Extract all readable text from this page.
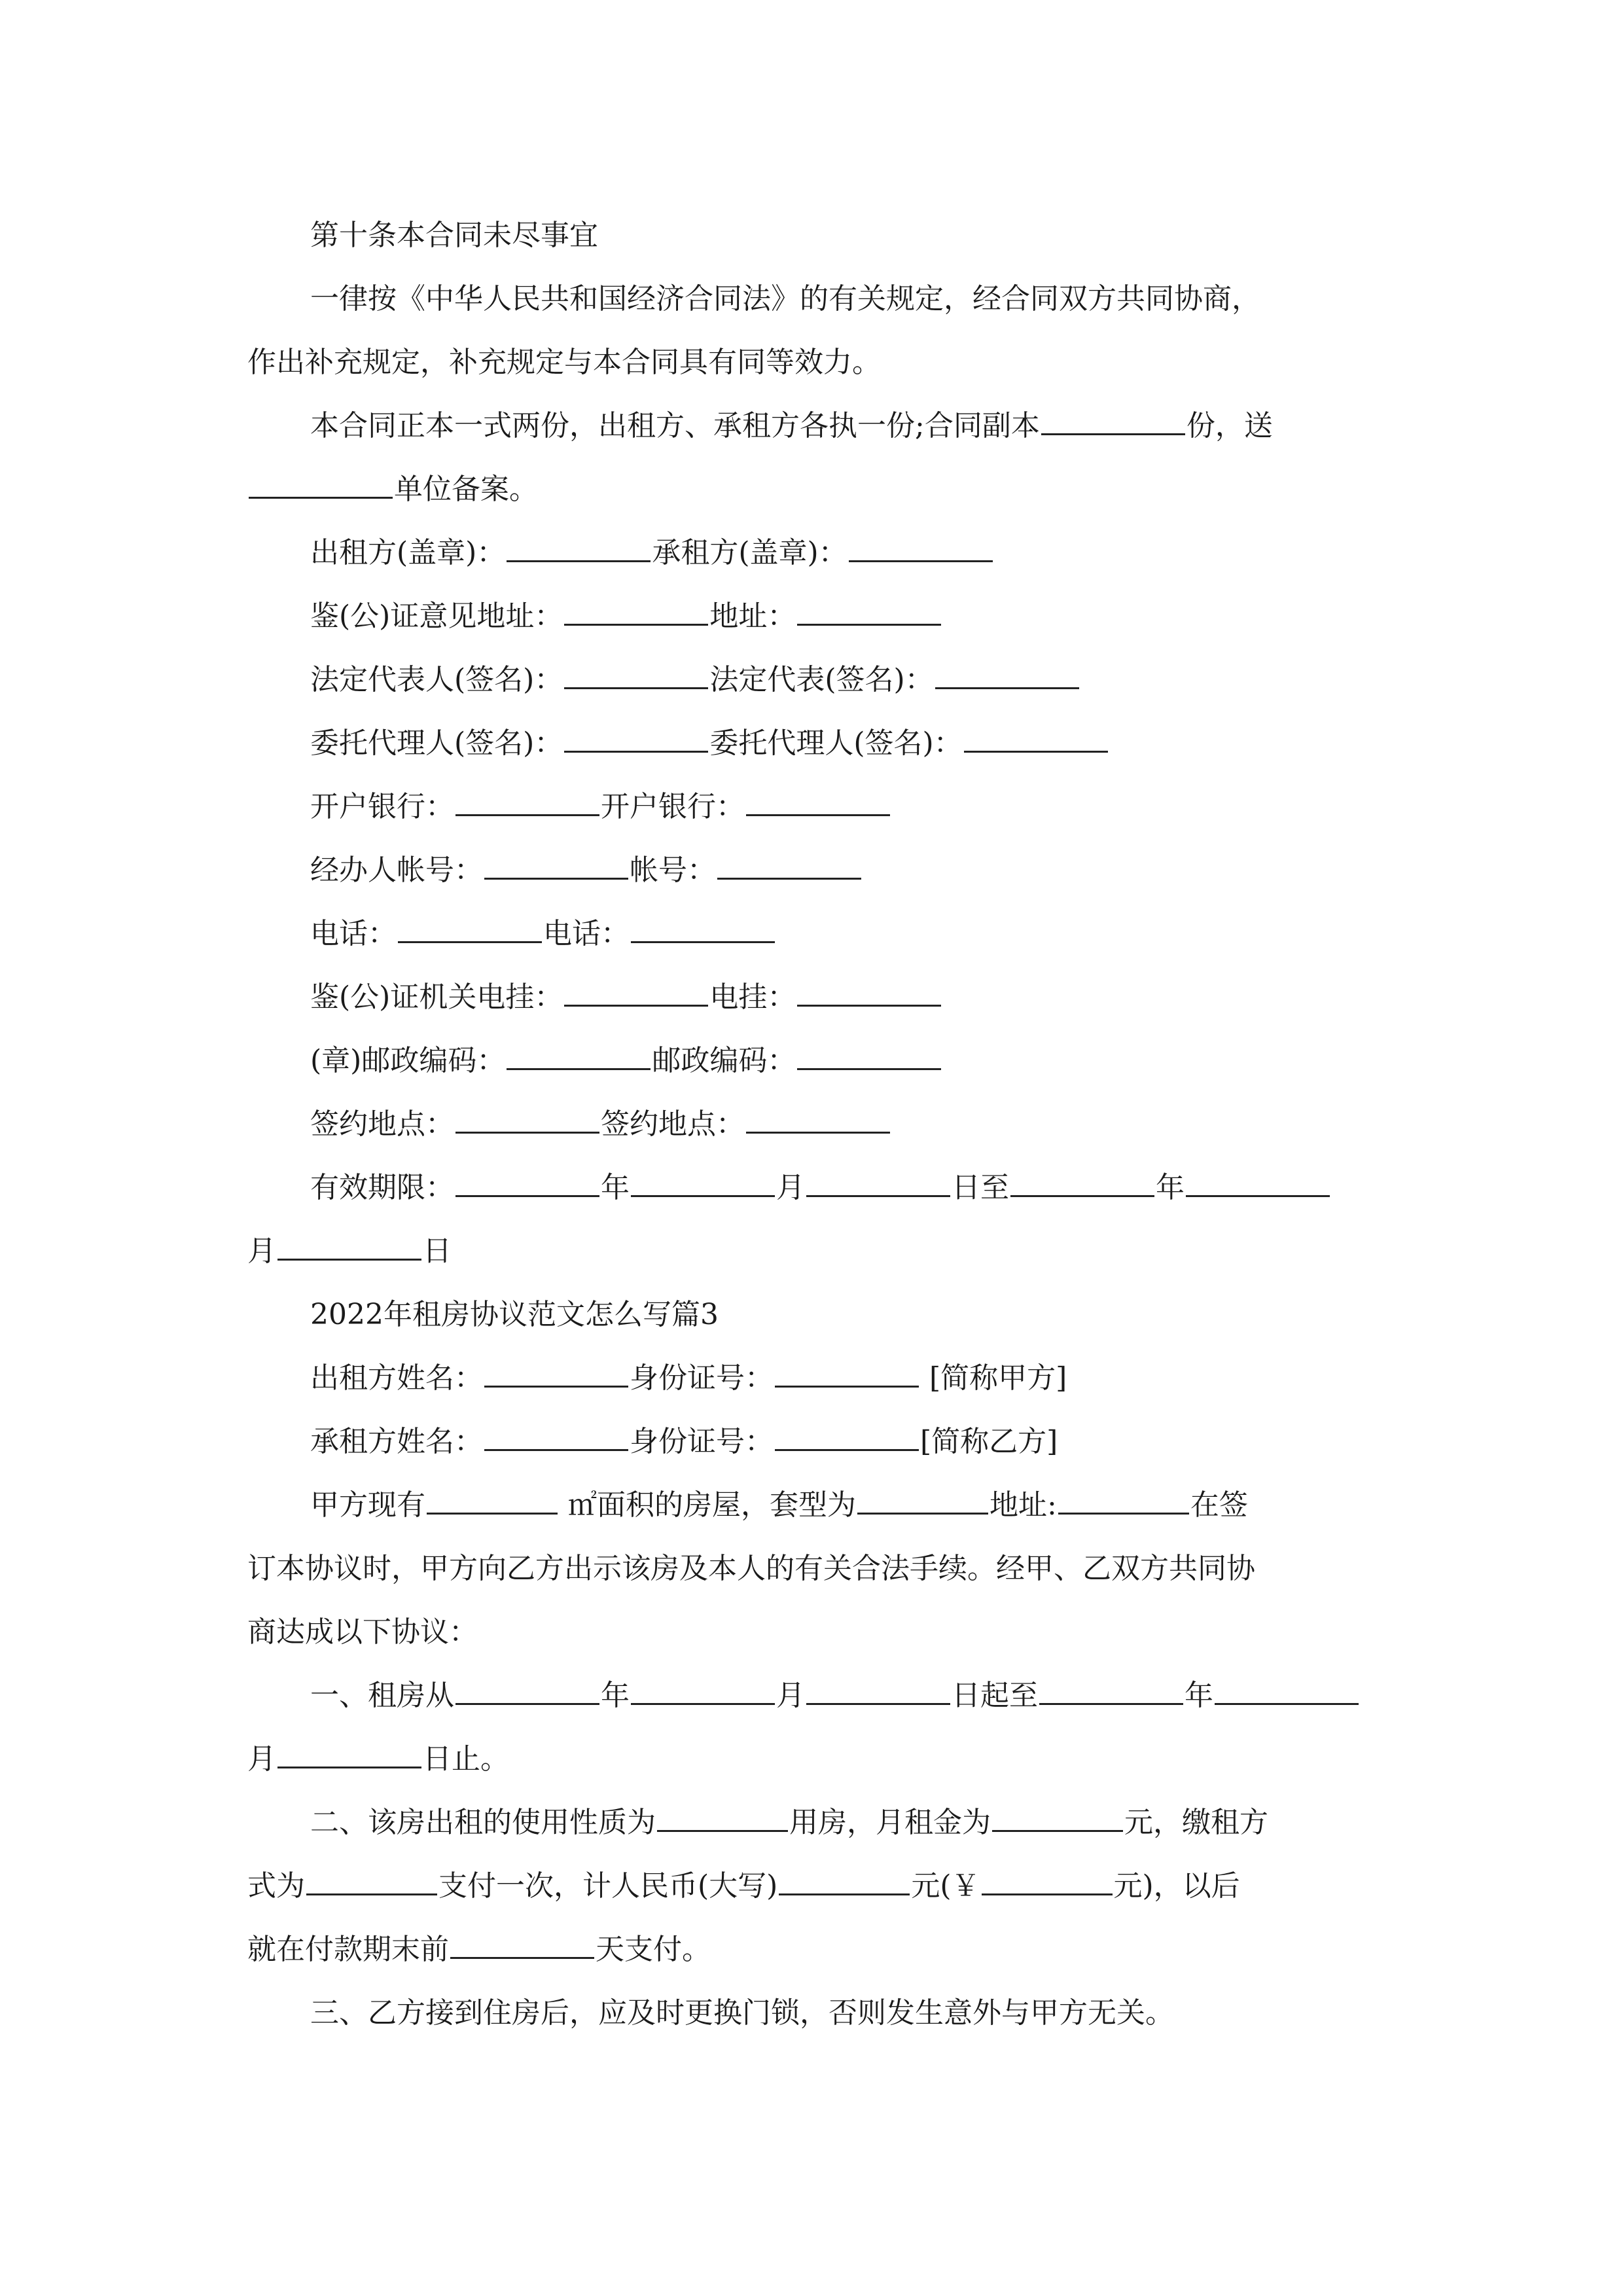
第十条本合同未尽事宜

一律按《中华人民共和国经济合同法》的有关规定，经合同双方共同协商，

作出补充规定，补充规定与本合同具有同等效力。

本合同正本一式两份，出租方、承租方各执一份;合同副本	份，送

单位备案。

出租方(盖章)：	承租方(盖章)：

鉴(公)证意见地址：	地址：

法定代表人(签名)：	法定代表(签名)：

委托代理人(签名)：	委托代理人(签名)：

开户银行：	开户银行：

经办人帐号：	帐号：

电话：	电话：

鉴(公)证机关电挂：	电挂：

(章)邮政编码：	邮政编码：

签约地点：	签约地点：

有效期限：	年	月	日至	年

月	日

2022年租房协议范文怎么写篇3

出租方姓名：	身份证号：	[简称甲方]

承租方姓名：	身份证号：	[简称乙方]

甲方现有	㎡面积的房屋，套型为	地址:	在签

订本协议时，甲方向乙方出示该房及本人的有关合法手续。经甲、乙双方共同协

商达成以下协议：

一、租房从	年	月	日起至	年

月	日止。

二、该房出租的使用性质为	用房，月租金为	元，缴租方

式为	支付一次，计人民币(大写)	元(￥	元)，以后

就在付款期末前	天支付。

三、乙方接到住房后，应及时更换门锁，否则发生意外与甲方无关。
